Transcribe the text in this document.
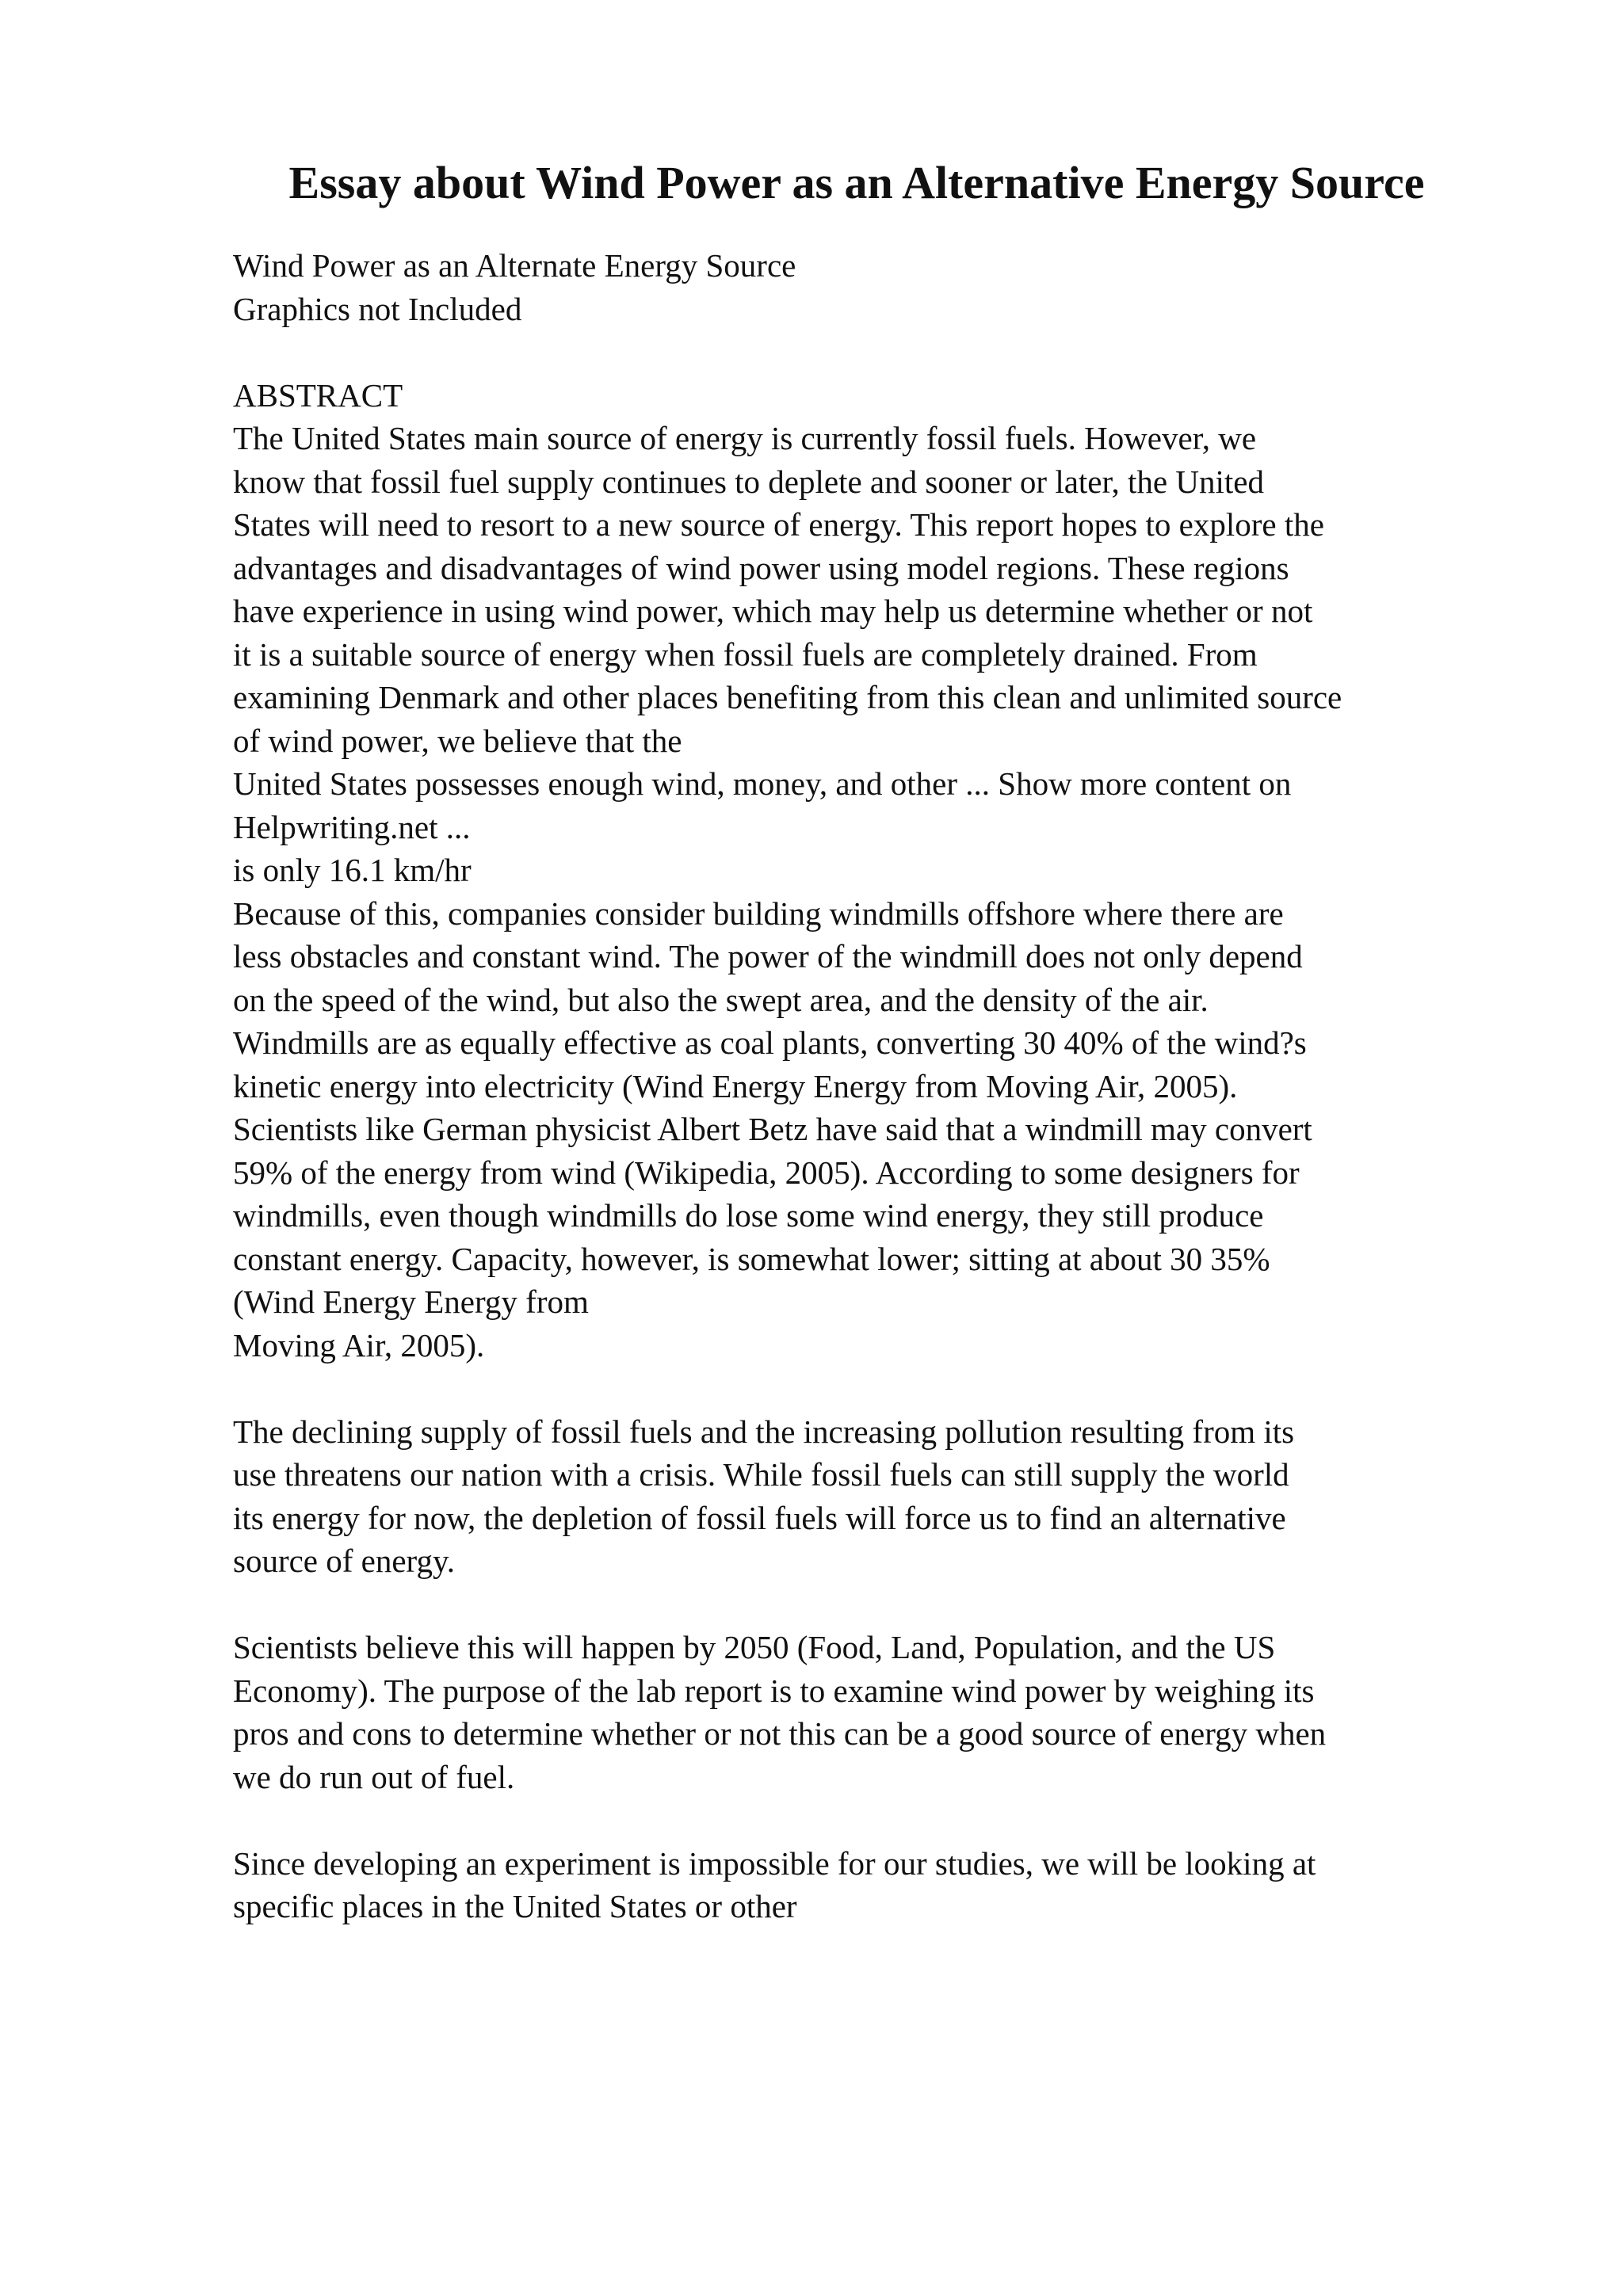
Essay about Wind Power as an Alternative Energy Source
Wind Power as an Alternate Energy Source
Graphics not Included
ABSTRACT
The United States main source of energy is currently fossil fuels. However, we
know that fossil fuel supply continues to deplete and sooner or later, the United
States will need to resort to a new source of energy. This report hopes to explore the
advantages and disadvantages of wind power using model regions. These regions
have experience in using wind power, which may help us determine whether or not
it is a suitable source of energy when fossil fuels are completely drained. From
examining Denmark and other places benefiting from this clean and unlimited source
of wind power, we believe that the
United States possesses enough wind, money, and other ... Show more content on
Helpwriting.net ...
is only 16.1 km/hr
Because of this, companies consider building windmills offshore where there are
less obstacles and constant wind. The power of the windmill does not only depend
on the speed of the wind, but also the swept area, and the density of the air.
Windmills are as equally effective as coal plants, converting 30 40% of the wind?s
kinetic energy into electricity (Wind Energy Energy from Moving Air, 2005).
Scientists like German physicist Albert Betz have said that a windmill may convert
59% of the energy from wind (Wikipedia, 2005). According to some designers for
windmills, even though windmills do lose some wind energy, they still produce
constant energy. Capacity, however, is somewhat lower; sitting at about 30 35%
(Wind Energy Energy from
Moving Air, 2005).
The declining supply of fossil fuels and the increasing pollution resulting from its
use threatens our nation with a crisis. While fossil fuels can still supply the world
its energy for now, the depletion of fossil fuels will force us to find an alternative
source of energy.
Scientists believe this will happen by 2050 (Food, Land, Population, and the US
Economy). The purpose of the lab report is to examine wind power by weighing its
pros and cons to determine whether or not this can be a good source of energy when
we do run out of fuel.
Since developing an experiment is impossible for our studies, we will be looking at
specific places in the United States or other
